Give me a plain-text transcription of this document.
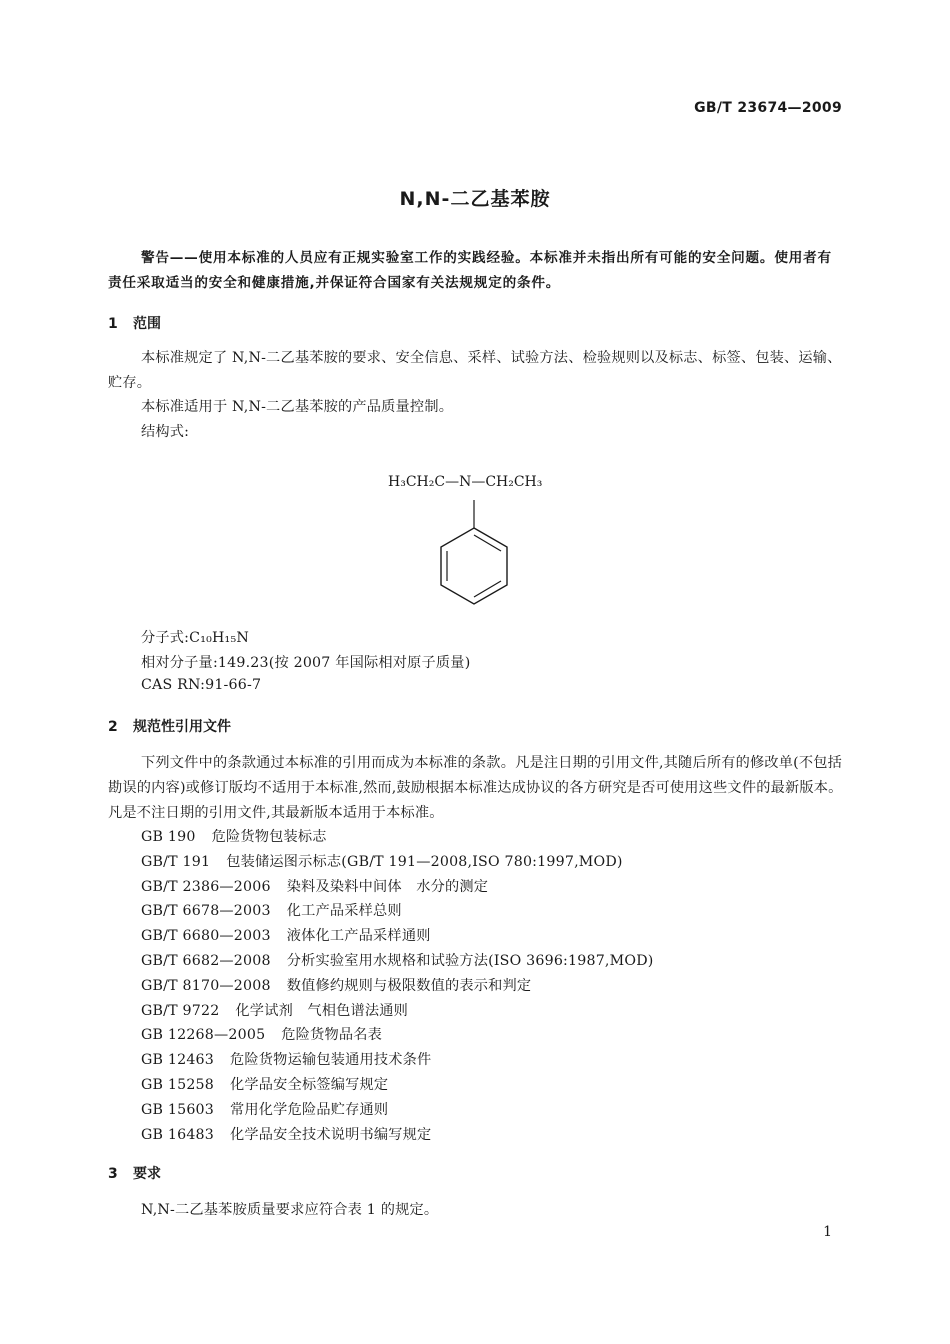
GB/T 23674—2009
N,N-二乙基苯胺

警告——使用本标准的人员应有正规实验室工作的实践经验。本标准并未指出所有可能的安全问题。使用者有责任采取适当的安全和健康措施,并保证符合国家有关法规规定的条件。

1 范围

本标准规定了 N,N-二乙基苯胺的要求、安全信息、采样、试验方法、检验规则以及标志、标签、包装、运输、贮存。

本标准适用于 N,N-二乙基苯胺的产品质量控制。
结构式:
H₃CH₂C—N—CH₂CH₃
分子式:C₁₀H₁₅N
相对分子量:149.23(按 2007 年国际相对原子质量)
CAS RN:91-66-7
2 规范性引用文件

下列文件中的条款通过本标准的引用而成为本标准的条款。凡是注日期的引用文件,其随后所有的修改单(不包括勘误的内容)或修订版均不适用于本标准,然而,鼓励根据本标准达成协议的各方研究是否可使用这些文件的最新版本。凡是不注日期的引用文件,其最新版本适用于本标准。

GB 190 危险货物包装标志
GB/T 191 包装储运图示标志(GB/T 191—2008,ISO 780:1997,MOD)
GB/T 2386—2006 染料及染料中间体　水分的测定
GB/T 6678—2003 化工产品采样总则
GB/T 6680—2003 液体化工产品采样通则
GB/T 6682—2008 分析实验室用水规格和试验方法(ISO 3696:1987,MOD)
GB/T 8170—2008 数值修约规则与极限数值的表示和判定
GB/T 9722 化学试剂　气相色谱法通则
GB 12268—2005 危险货物品名表
GB 12463 危险货物运输包装通用技术条件
GB 15258 化学品安全标签编写规定
GB 15603 常用化学危险品贮存通则
GB 16483 化学品安全技术说明书编写规定
3 要求
N,N-二乙基苯胺质量要求应符合表 1 的规定。
1
